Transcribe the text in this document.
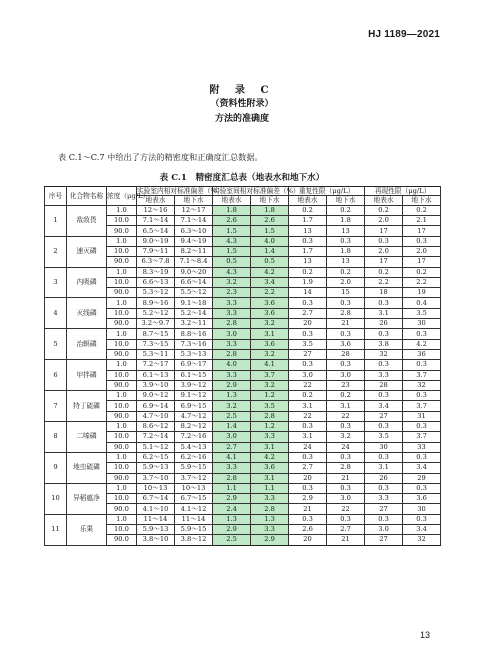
HJ 1189—2021
附 录 C
（资料性附录）
方法的准确度
表 C.1～C.7 中给出了方法的精密度和正确度汇总数据。
表 C.1　精密度汇总表（地表水和地下水）
序号	化合物名称	浓度（μg/L）	实验室内相对标准偏差（%）		实验室间相对标准偏差（%）		重复性限（μg/L）		再现性限（μg/L）	
			地表水	地下水	地表水	地下水	地表水	地下水	地表水	地下水
1	敌敌畏	1.0	12～16	12～17	1.8	1.8	0.2	0.2	0.2	0.2
		10.0	7.1～14	7.1～14	2.6	2.6	1.7	1.8	2.0	2.1
		90.0	6.5～14	6.3～10	1.5	1.5	13	13	17	17
2	速灭磷	1.0	9.0～19	9.4～19	4.3	4.0	0.3	0.3	0.3	0.3
		10.0	7.9～11	8.2～11	1.5	1.4	1.7	1.8	2.0	2.0
		90.0	6.3～7.8	7.1～8.4	0.5	0.5	13	13	17	17
3	内吸磷	1.0	8.3～19	9.0～20	4.3	4.2	0.2	0.2	0.2	0.2
		10.0	6.6～13	6.6～14	3.2	3.4	1.9	2.0	2.2	2.2
		90.0	5.3～12	5.5～12	2.3	2.2	14	15	18	19
4	灭线磷	1.0	8.9～16	9.1～18	3.3	3.6	0.3	0.3	0.3	0.4
		10.0	5.2～12	5.2～14	3.3	3.6	2.7	2.8	3.1	3.5
		90.0	3.2～9.7	3.2～11	2.8	3.2	20	21	26	30
5	治螟磷	1.0	8.7～15	8.8～16	3.0	3.1	0.3	0.3	0.3	0.3
		10.0	7.3～15	7.3～16	3.3	3.6	3.5	3.6	3.8	4.2
		90.0	5.3～11	5.3～13	2.8	3.2	27	28	32	36
6	甲拌磷	1.0	7.2～17	6.9～17	4.0	4.1	0.3	0.3	0.3	0.3
		10.0	6.1～13	6.1～15	3.3	3.7	3.0	3.0	3.3	3.7
		90.0	3.9～10	3.9～12	2.9	3.2	22	23	28	32
7	特丁硫磷	1.0	9.0～12	9.1～12	1.3	1.2	0.2	0.2	0.3	0.3
		10.0	6.9～14	6.9～15	3.2	3.5	3.1	3.1	3.4	3.7
		90.0	4.7～10	4.7～12	2.5	2.8	22	22	27	31
8	二嗪磷	1.0	8.6～12	8.2～12	1.4	1.2	0.3	0.3	0.3	0.3
		10.0	7.2～14	7.2～16	3.0	3.3	3.1	3.2	3.5	3.7
		90.0	5.1～12	5.4～13	2.7	3.1	24	24	30	33
9	地虫硫磷	1.0	6.2～15	6.2～16	4.1	4.2	0.3	0.3	0.3	0.3
		10.0	5.9～13	5.9～15	3.3	3.6	2.7	2.8	3.1	3.4
		90.0	3.7～10	3.7～12	2.8	3.1	20	21	26	29
10	异稻瘟净	1.0	10～13	10～13	1.1	1.1	0.3	0.3	0.3	0.3
		10.0	6.7～14	6.7～15	2.9	3.3	2.9	3.0	3.3	3.6
		90.0	4.1～10	4.1～12	2.4	2.8	21	22	27	30
11	乐果	1.0	11～14	11～14	1.3	1.3	0.3	0.3	0.3	0.3
		10.0	5.9～13	5.9～15	2.9	3.3	2.6	2.7	3.0	3.4
		90.0	3.8～10	3.8～12	2.5	2.9	20	21	27	32
13
